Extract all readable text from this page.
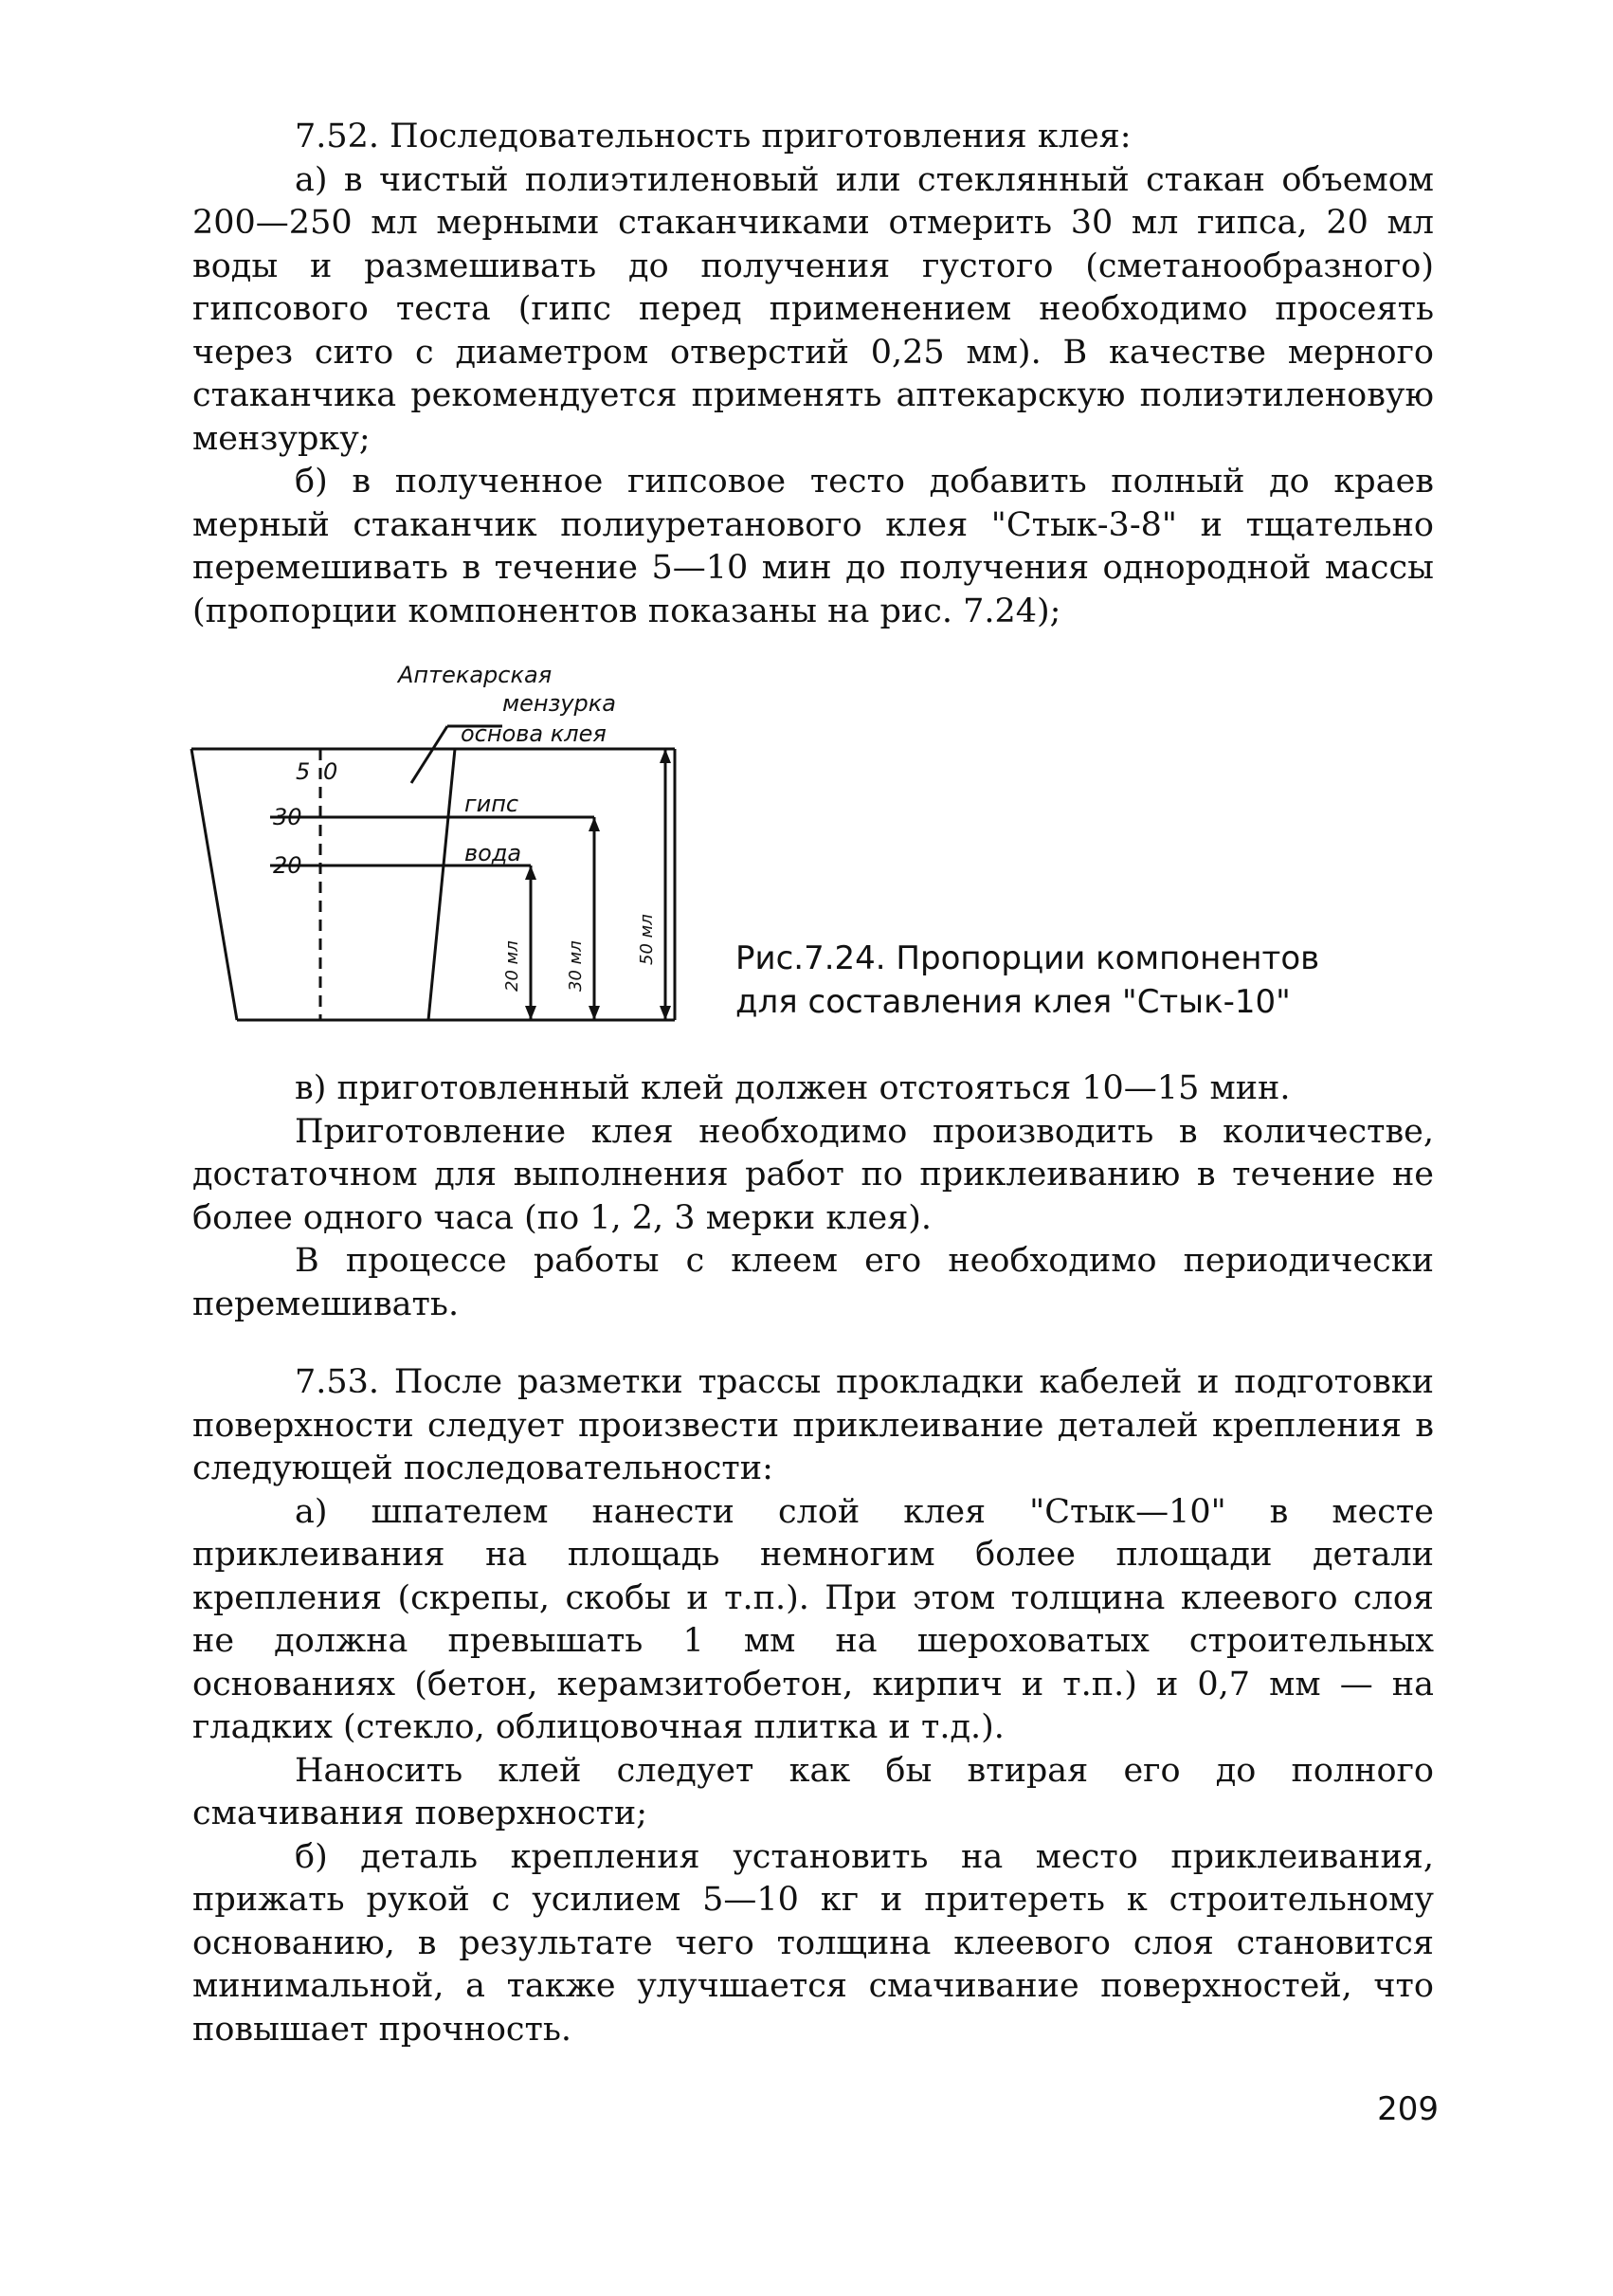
7.52. Последовательность приготовления клея:

а) в чистый полиэтиленовый или стеклянный стакан объемом 200—250 мл мерными стаканчиками отмерить 30 мл гипса, 20 мл воды и размешивать до получения густого (сметанообразного) гипсового теста (гипс перед применением необходимо просеять через сито с диаметром отверстий 0,25 мм). В качестве мерного стаканчика рекомендуется применять аптекарскую полиэтиленовую мензурку;

б) в полученное гипсовое тесто добавить полный до краев мерный стаканчик полиуретанового клея "Стык-3-8" и тщательно перемешивать в течение 5—10 мин до получения однородной массы (пропорции компонентов показаны на рис. 7.24);

Аптекарская
мензурка
основа клея
гипс
вода
5 0
30
20
20 мл	30 мл
50 мл Рис.7.24. Пропорции компонентов
для составления клея "Стык-10"

в) приготовленный клей должен отстояться 10—15 мин.

Приготовление клея необходимо производить в количестве, достаточном для выполнения работ по приклеиванию в течение не более одного часа (по 1, 2, 3 мерки клея).

В процессе работы с клеем его необходимо периодически перемешивать.

7.53. После разметки трассы прокладки кабелей и подготовки поверхности следует произвести приклеивание деталей крепления в следующей последовательности:

а) шпателем нанести слой клея "Стык—10" в месте приклеивания на площадь немногим более площади детали крепления (скрепы, скобы и т.п.). При этом толщина клеевого слоя не должна превышать 1 мм на шероховатых строительных основаниях (бетон, керамзитобетон, кирпич и т.п.) и 0,7 мм — на гладких (стекло, облицовочная плитка и т.д.).

Наносить клей следует как бы втирая его до полного смачивания поверхности;

б) деталь крепления установить на место приклеивания, прижать рукой с усилием 5—10 кг и притереть к строительному основанию, в результате чего толщина клеевого слоя становится минимальной, а также улучшается смачивание поверхностей, что повышает прочность.

209
